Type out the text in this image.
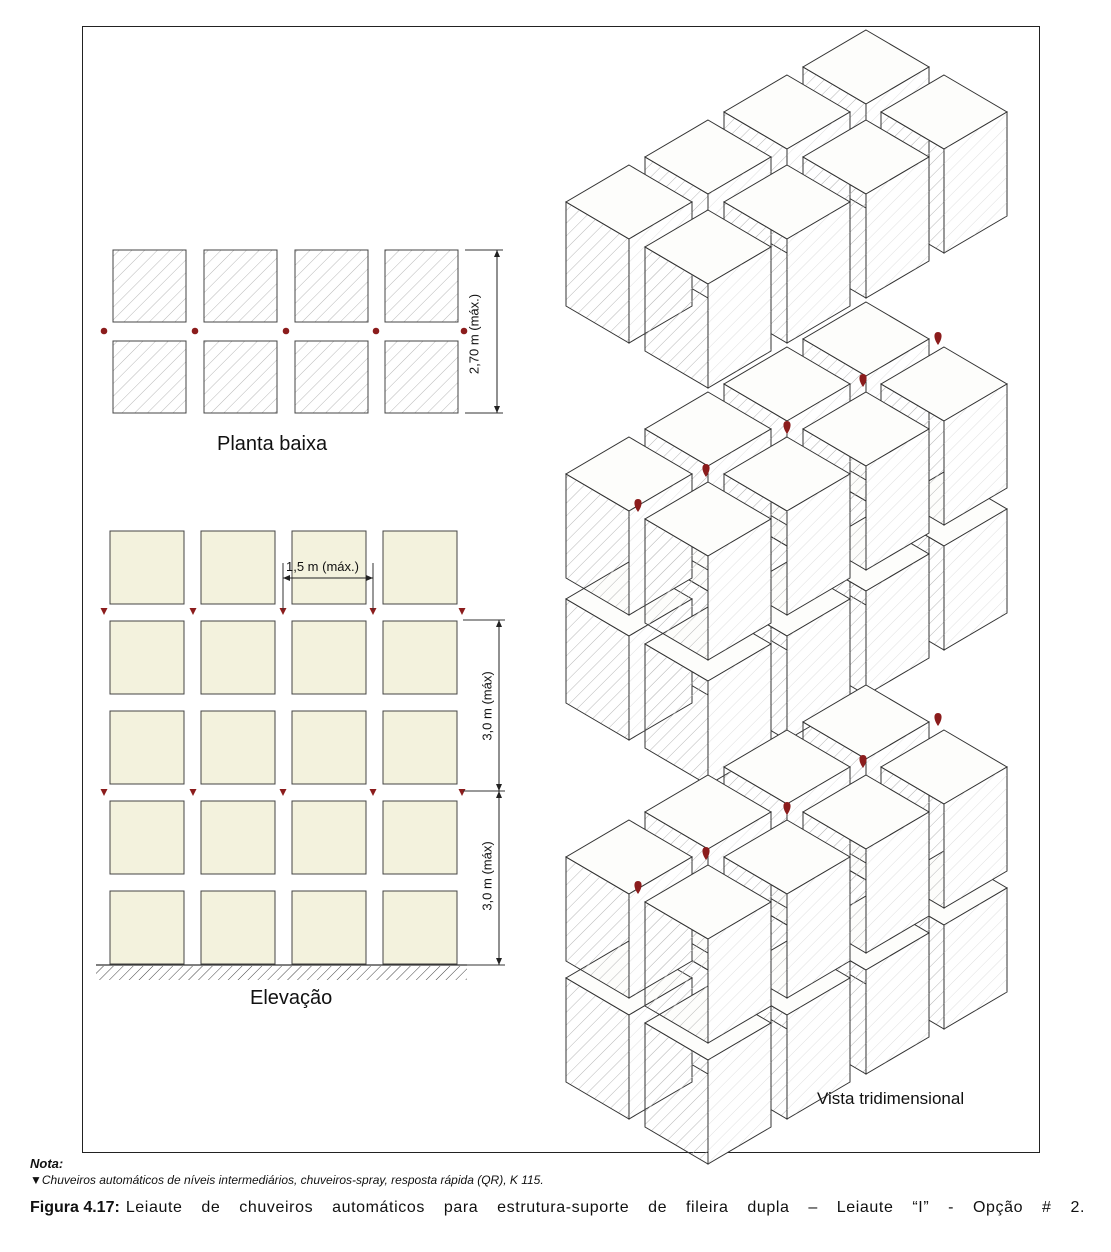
Planta baixa
Elevação
Vista tridimensional
2,70 m (máx.)
3,0 m (máx)
3,0 m (máx)
1,5 m (máx.)
Nota:
▼Chuveiros automáticos de níveis intermediários, chuveiros-spray, resposta rápida (QR), K 115.
Figura 4.17: Leiaute de chuveiros automáticos para estrutura-suporte de fileira dupla – Leiaute “I” - Opção # 2.
